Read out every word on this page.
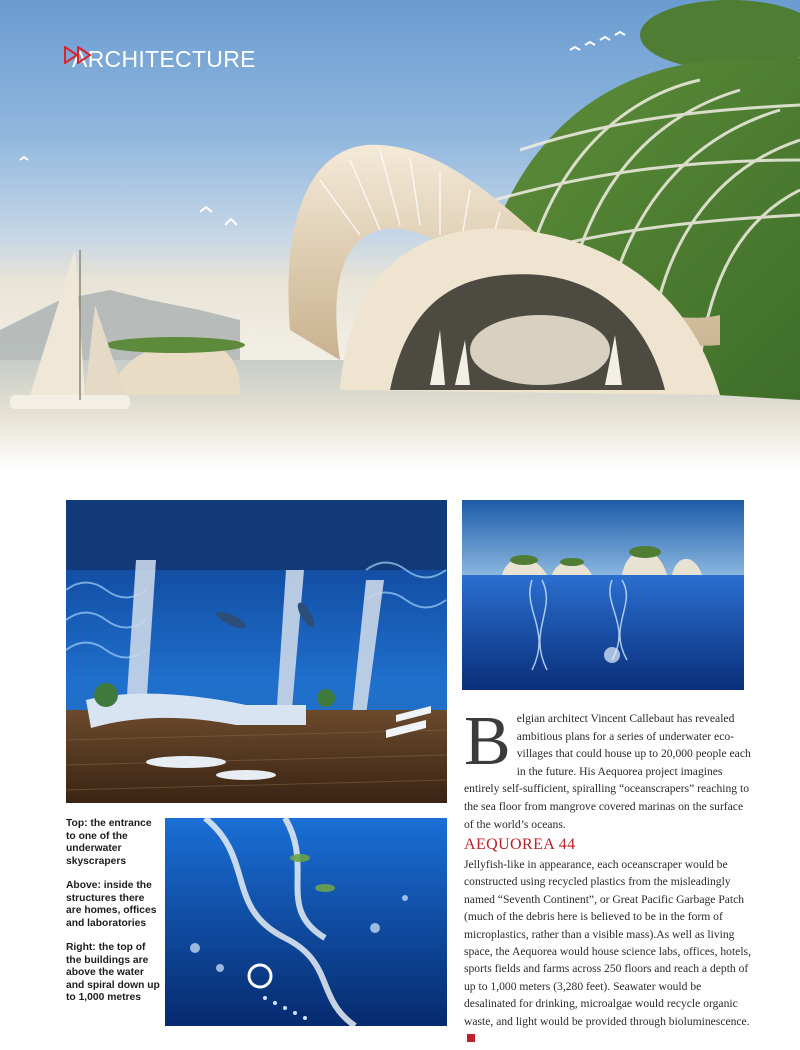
ARCHITECTURE

Top: the entrance to one of the underwater skyscrapers

Above: inside the structures there are homes, offices and laboratories

Right: the top of the buildings are above the water and spiral down up to 1,000 metres

B elgian architect Vincent Callebaut has revealed ambitious plans for a series of underwater eco-villages that could house up to 20,000 people each in the future. His Aequorea project imagines entirely self-sufficient, spiralling “oceanscrapers” reaching to the sea floor from mangrove covered marinas on the surface of the world’s oceans.
AEQUOREA 44
Jellyfish-like in appearance, each oceanscraper would be constructed using recycled plastics from the misleadingly named “Seventh Continent”, or Great Pacific Garbage Patch (much of the debris here is believed to be in the form of microplastics, rather than a visible mass).As well as living space, the Aequorea would house science labs, offices, hotels, sports fields and farms across 250 floors and reach a depth of up to 1,000 meters (3,280 feet). Seawater would be desalinated for drinking, microalgae would recycle organic waste, and light would be provided through bioluminescence.
